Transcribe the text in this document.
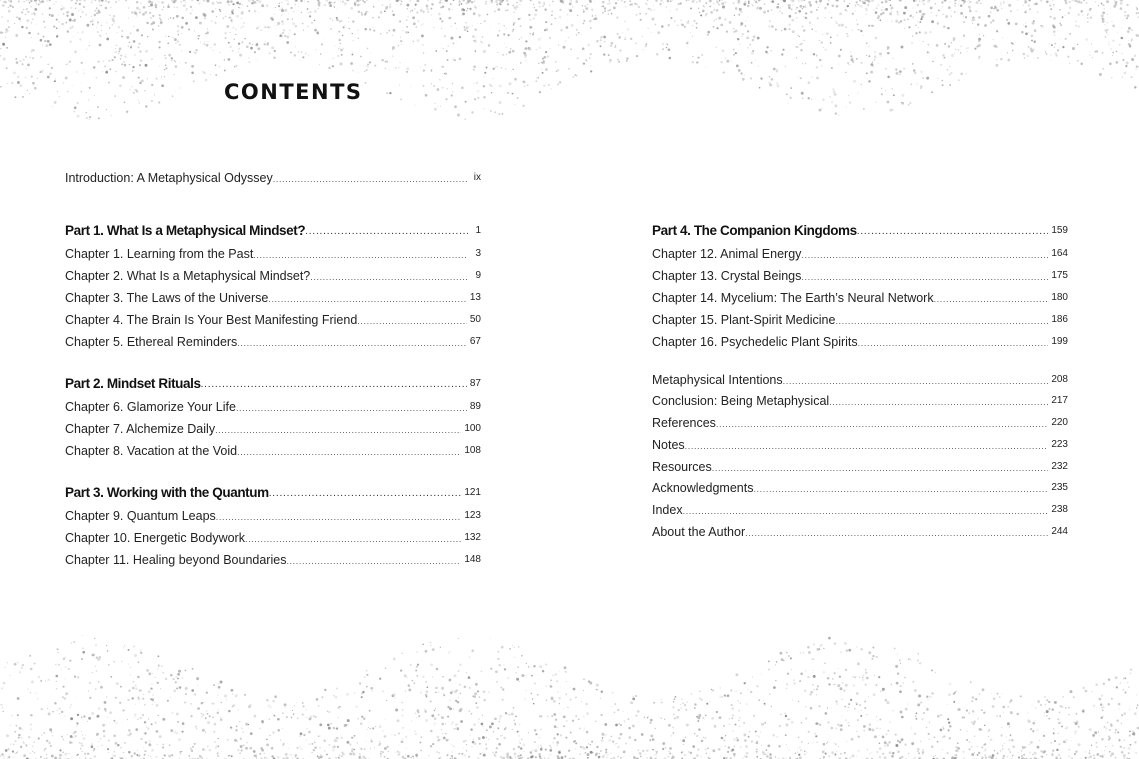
CONTENTS
Introduction: A Metaphysical Odyssey .....	ix
Part 1. What Is a Metaphysical Mindset? .....	1
Chapter 1. Learning from the Past .....	3
Chapter 2. What Is a Metaphysical Mindset? .....	9
Chapter 3. The Laws of the Universe .....	13
Chapter 4. The Brain Is Your Best Manifesting Friend .....	50
Chapter 5. Ethereal Reminders .....	67
Part 2. Mindset Rituals .....	87
Chapter 6. Glamorize Your Life .....	89
Chapter 7. Alchemize Daily .....	100
Chapter 8. Vacation at the Void .....	108
Part 3. Working with the Quantum .....	121
Chapter 9. Quantum Leaps .....	123
Chapter 10. Energetic Bodywork .....	132
Chapter 11. Healing beyond Boundaries .....	148
Part 4. The Companion Kingdoms .....	159
Chapter 12. Animal Energy .....	164
Chapter 13. Crystal Beings .....	175
Chapter 14. Mycelium: The Earth’s Neural Network .....	180
Chapter 15. Plant-Spirit Medicine .....	186
Chapter 16. Psychedelic Plant Spirits .....	199
Metaphysical Intentions .....	208
Conclusion: Being Metaphysical .....	217
References .....	220
Notes .....	223
Resources .....	232
Acknowledgments .....	235
Index .....	238
About the Author .....	244
